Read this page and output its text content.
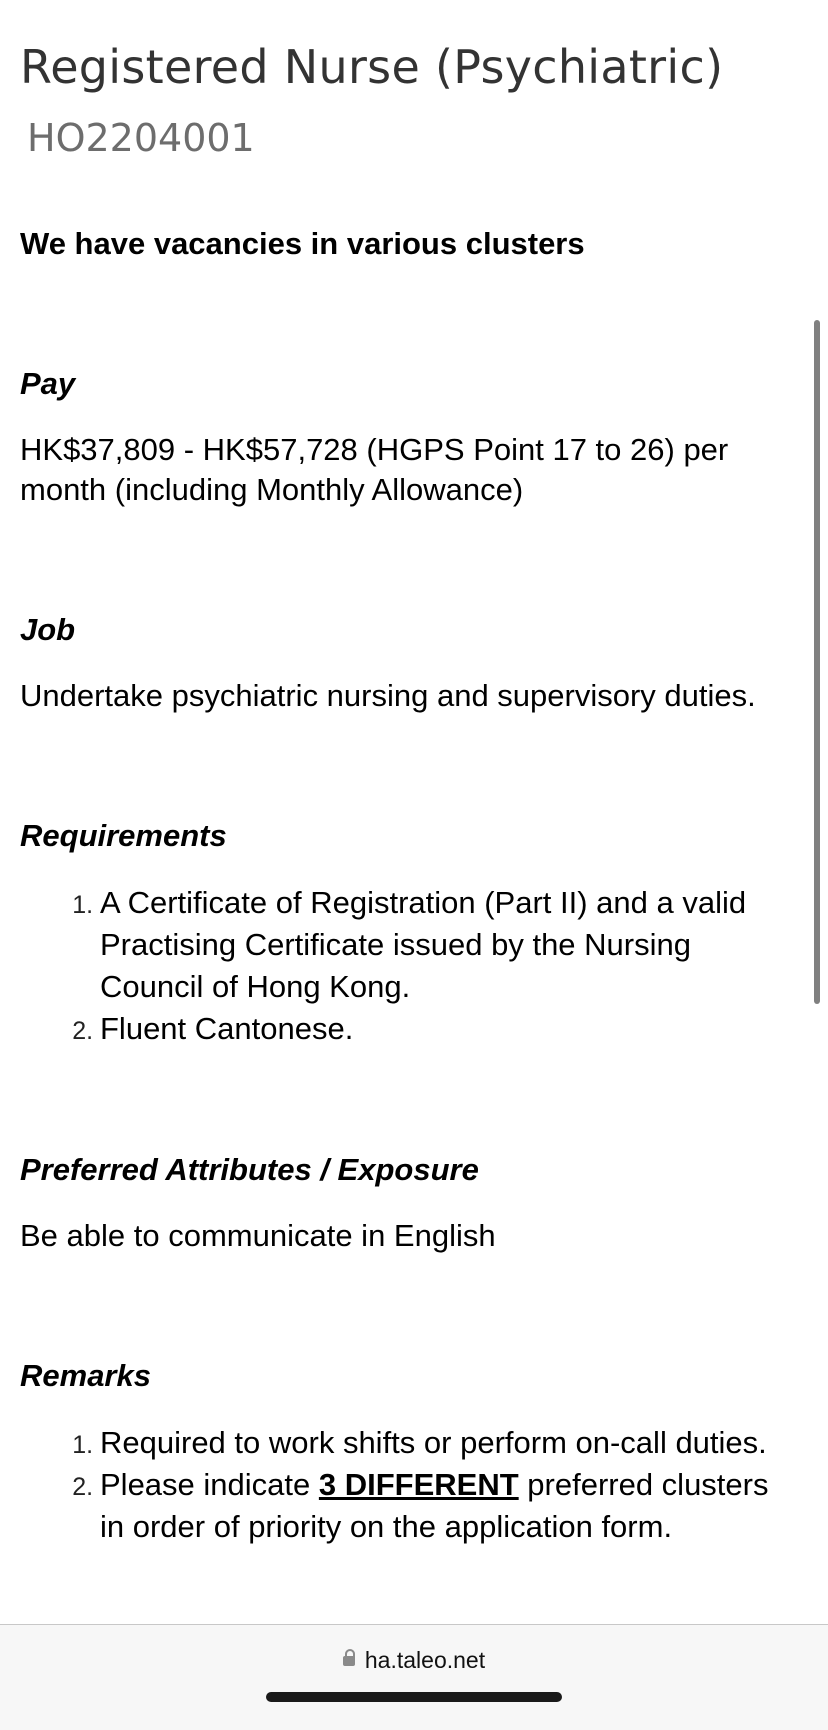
Registered Nurse (Psychiatric)
HO2204001

We have vacancies in various clusters

Pay

HK$37,809 - HK$57,728 (HGPS Point 17 to 26) per month (including Monthly Allowance)

Job

Undertake psychiatric nursing and supervisory duties.

Requirements

1. A Certificate of Registration (Part II) and a valid Practising Certificate issued by the Nursing Council of Hong Kong.
2. Fluent Cantonese.

Preferred Attributes / Exposure

Be able to communicate in English

Remarks

1. Required to work shifts or perform on-call duties.
2. Please indicate 3 DIFFERENT preferred clusters in order of priority on the application form.
ha.taleo.net
